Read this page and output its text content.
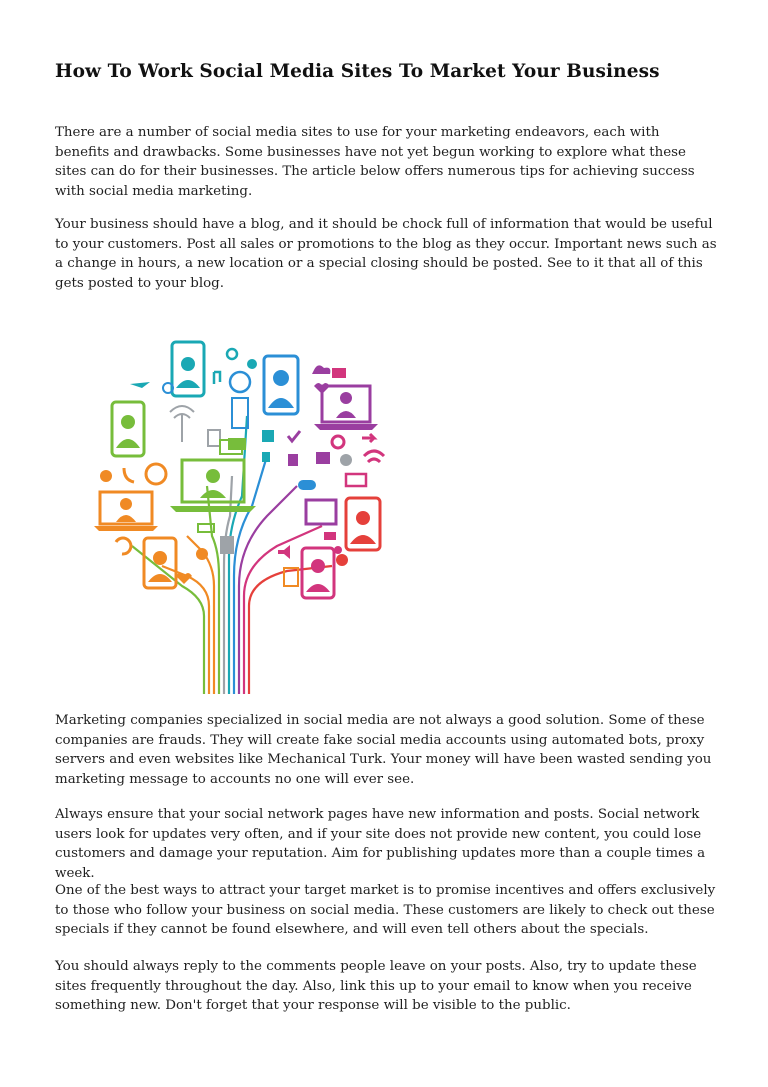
How To Work Social Media Sites To Market Your Business

There are a number of social media sites to use for your marketing endeavors, each with benefits and drawbacks. Some businesses have not yet begun working to explore what these sites can do for their businesses. The article below offers numerous tips for achieving success with social media marketing.

Your business should have a blog, and it should be chock full of information that would be useful to your customers. Post all sales or promotions to the blog as they occur. Important news such as a change in hours, a new location or a special closing should be posted. See to it that all of this gets posted to your blog.

Marketing companies specialized in social media are not always a good solution. Some of these companies are frauds. They will create fake social media accounts using automated bots, proxy servers and even websites like Mechanical Turk. Your money will have been wasted sending you marketing message to accounts no one will ever see.

Always ensure that your social network pages have new information and posts. Social network users look for updates very often, and if your site does not provide new content, you could lose customers and damage your reputation. Aim for publishing updates more than a couple times a week.

One of the best ways to attract your target market is to promise incentives and offers exclusively to those who follow your business on social media. These customers are likely to check out these specials if they cannot be found elsewhere, and will even tell others about the specials.

You should always reply to the comments people leave on your posts. Also, try to update these sites frequently throughout the day. Also, link this up to your email to know when you receive something new. Don't forget that your response will be visible to the public.
